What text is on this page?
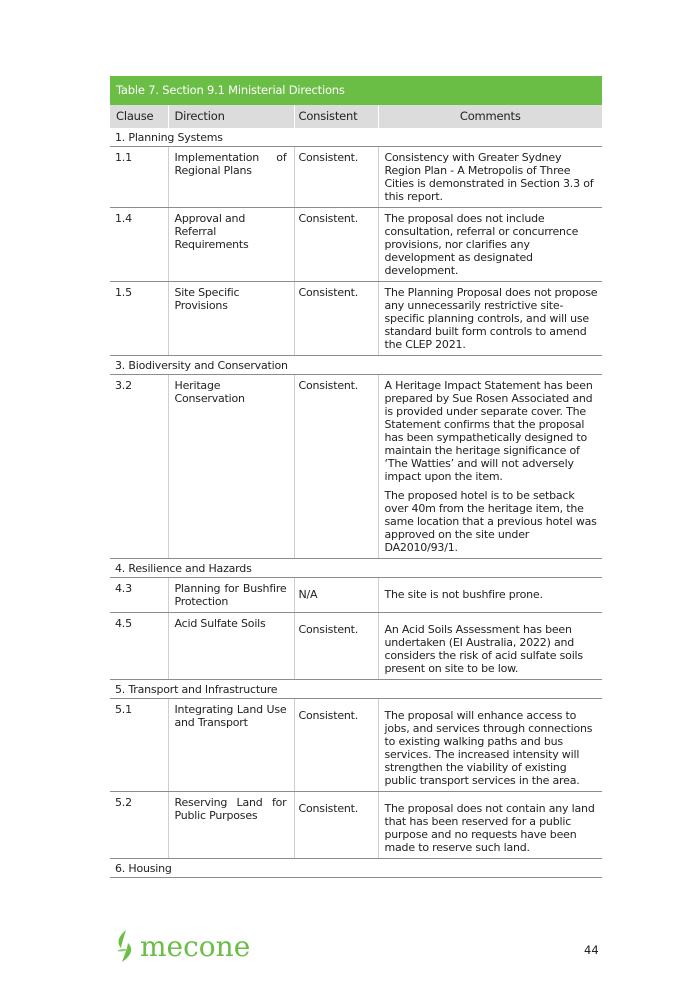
Table 7. Section 9.1 Ministerial Directions			
Clause	Direction	Consistent	Comments
1. Planning Systems			
1.1	Implementation of Regional Plans	Consistent.	Consistency with Greater Sydney Region Plan - A Metropolis of Three Cities is demonstrated in Section 3.3 of this report.
1.4	Approval and Referral Requirements	Consistent.	The proposal does not include consultation, referral or concurrence provisions, nor clarifies any development as designated development.
1.5	Site Specific Provisions	Consistent.	The Planning Proposal does not propose any unnecessarily restrictive site-specific planning controls, and will use standard built form controls to amend the CLEP 2021.
3. Biodiversity and Conservation			
3.2	Heritage Conservation	Consistent.	A Heritage Impact Statement has been prepared by Sue Rosen Associated and is provided under separate cover. The Statement confirms that the proposal has been sympathetically designed to maintain the heritage significance of ‘The Watties’ and will not adversely impact upon the item.
The proposed hotel is to be setback over 40m from the heritage item, the same location that a previous hotel was approved on the site under DA2010/93/1.

4. Resilience and Hazards			
4.3	Planning for Bushfire Protection	N/A	The site is not bushfire prone.
4.5	Acid Sulfate Soils	Consistent.	An Acid Soils Assessment has been undertaken (EI Australia, 2022) and considers the risk of acid sulfate soils present on site to be low.
5. Transport and Infrastructure			
5.1	Integrating Land Use and Transport	Consistent.	The proposal will enhance access to jobs, and services through connections to existing walking paths and bus services. The increased intensity will strengthen the viability of existing public transport services in the area.
5.2	Reserving Land for Public Purposes	Consistent.	The proposal does not contain any land that has been reserved for a public purpose and no requests have been made to reserve such land.
6. Housing			
mecone	44
